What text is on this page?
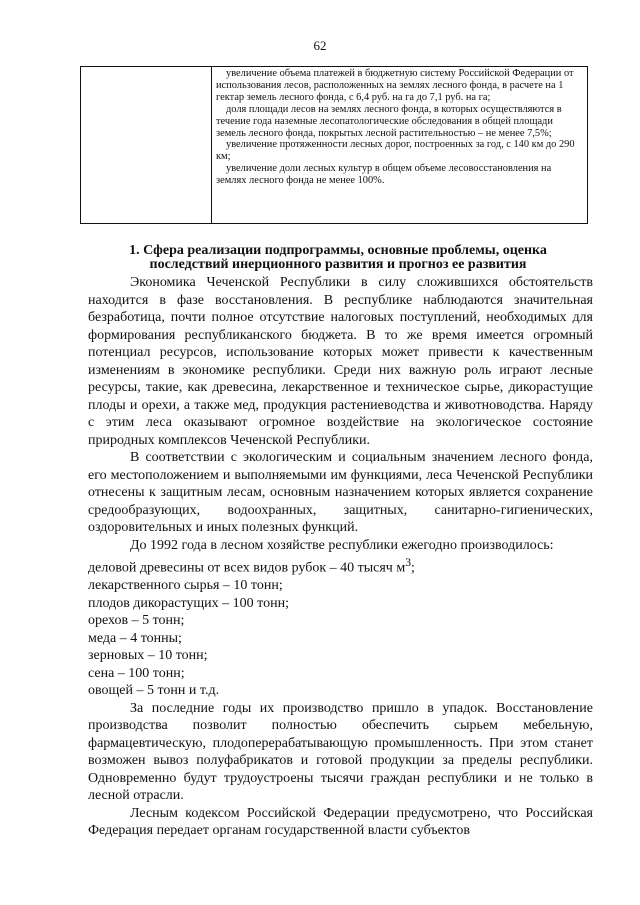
62

увеличение объема платежей в бюджетную систему Российской Федерации от использования лесов, расположенных на землях лесного фонда, в расчете на 1 гектар земель лесного фонда, с 6,4 руб. на га до 7,1 руб. на га;

доля площади лесов на землях лесного фонда, в которых осуществляются в течение года наземные лесопатологические обследования в общей площади земель лесного фонда, покрытых лесной растительностью – не менее 7,5%;

увеличение протяженности лесных дорог, построенных за год, с 140 км до 290 км;

увеличение доли лесных культур в общем объеме лесовосстановления на землях лесного фонда не менее 100%.

1. Сфера реализации подпрограммы, основные проблемы, оценка последствий инерционного развития и прогноз ее развития

Экономика Чеченской Республики в силу сложившихся обстоятельств находится в фазе восстановления. В республике наблюдаются значительная безработица, почти полное отсутствие налоговых поступлений, необходимых для формирования республиканского бюджета. В то же время имеется огромный потенциал ресурсов, использование которых может привести к качественным изменениям в экономике республики. Среди них важную роль играют лесные ресурсы, такие, как древесина, лекарственное и техническое сырье, дикорастущие плоды и орехи, а также мед, продукция растениеводства и животноводства. Наряду с этим леса оказывают огромное воздействие на экологическое состояние природных комплексов Чеченской Республики.

В соответствии с экологическим и социальным значением лесного фонда, его местоположением и выполняемыми им функциями, леса Чеченской Республики отнесены к защитным лесам, основным назначением которых является сохранение средообразующих, водоохранных, защитных, санитарно-гигиенических, оздоровительных и иных полезных функций.

До 1992 года в лесном хозяйстве республики ежегодно производилось:

деловой древесины от всех видов рубок – 40 тысяч $м^3$;

лекарственного сырья – 10 тонн;

плодов дикорастущих – 100 тонн;

орехов – 5 тонн;

меда – 4 тонны;

зерновых – 10 тонн;

сена – 100 тонн;

овощей – 5 тонн и т.д.

За последние годы их производство пришло в упадок. Восстановление производства позволит полностью обеспечить сырьем мебельную, фармацевтическую, плодоперерабатывающую промышленность. При этом станет возможен вывоз полуфабрикатов и готовой продукции за пределы республики. Одновременно будут трудоустроены тысячи граждан республики и не только в лесной отрасли.

Лесным кодексом Российской Федерации предусмотрено, что Российская Федерация передает органам государственной власти субъектов
